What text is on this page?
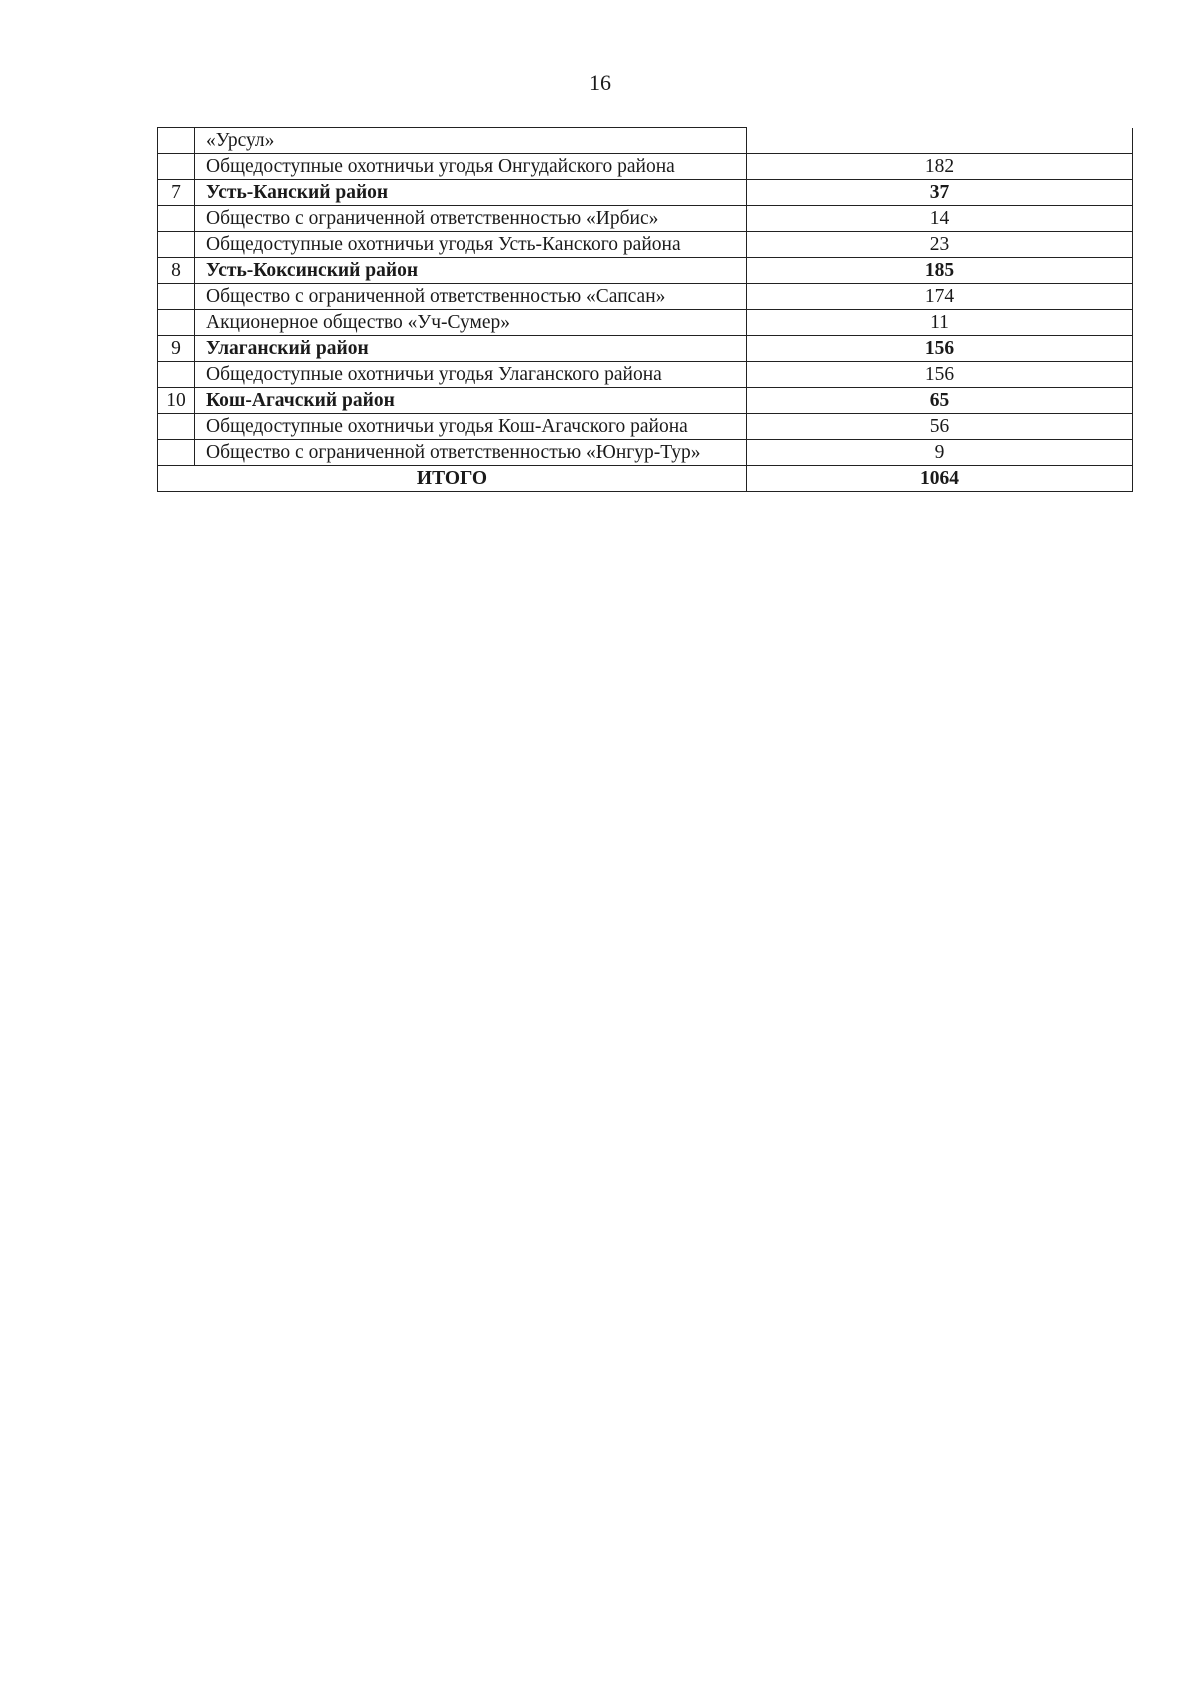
16
	«Урсул»	
	Общедоступные охотничьи угодья Онгудайского района	182
7	Усть-Канский район	37
	Общество с ограниченной ответственностью «Ирбис»	14
	Общедоступные охотничьи угодья Усть-Канского района	23
8	Усть-Коксинский район	185
	Общество с ограниченной ответственностью «Сапсан»	174
	Акционерное общество «Уч-Сумер»	11
9	Улаганский район	156
	Общедоступные охотничьи угодья Улаганского района	156
10	Кош-Агачский район	65
	Общедоступные охотничьи угодья Кош-Агачского района	56
	Общество с ограниченной ответственностью «Юнгур-Тур»	9
ИТОГО		1064
